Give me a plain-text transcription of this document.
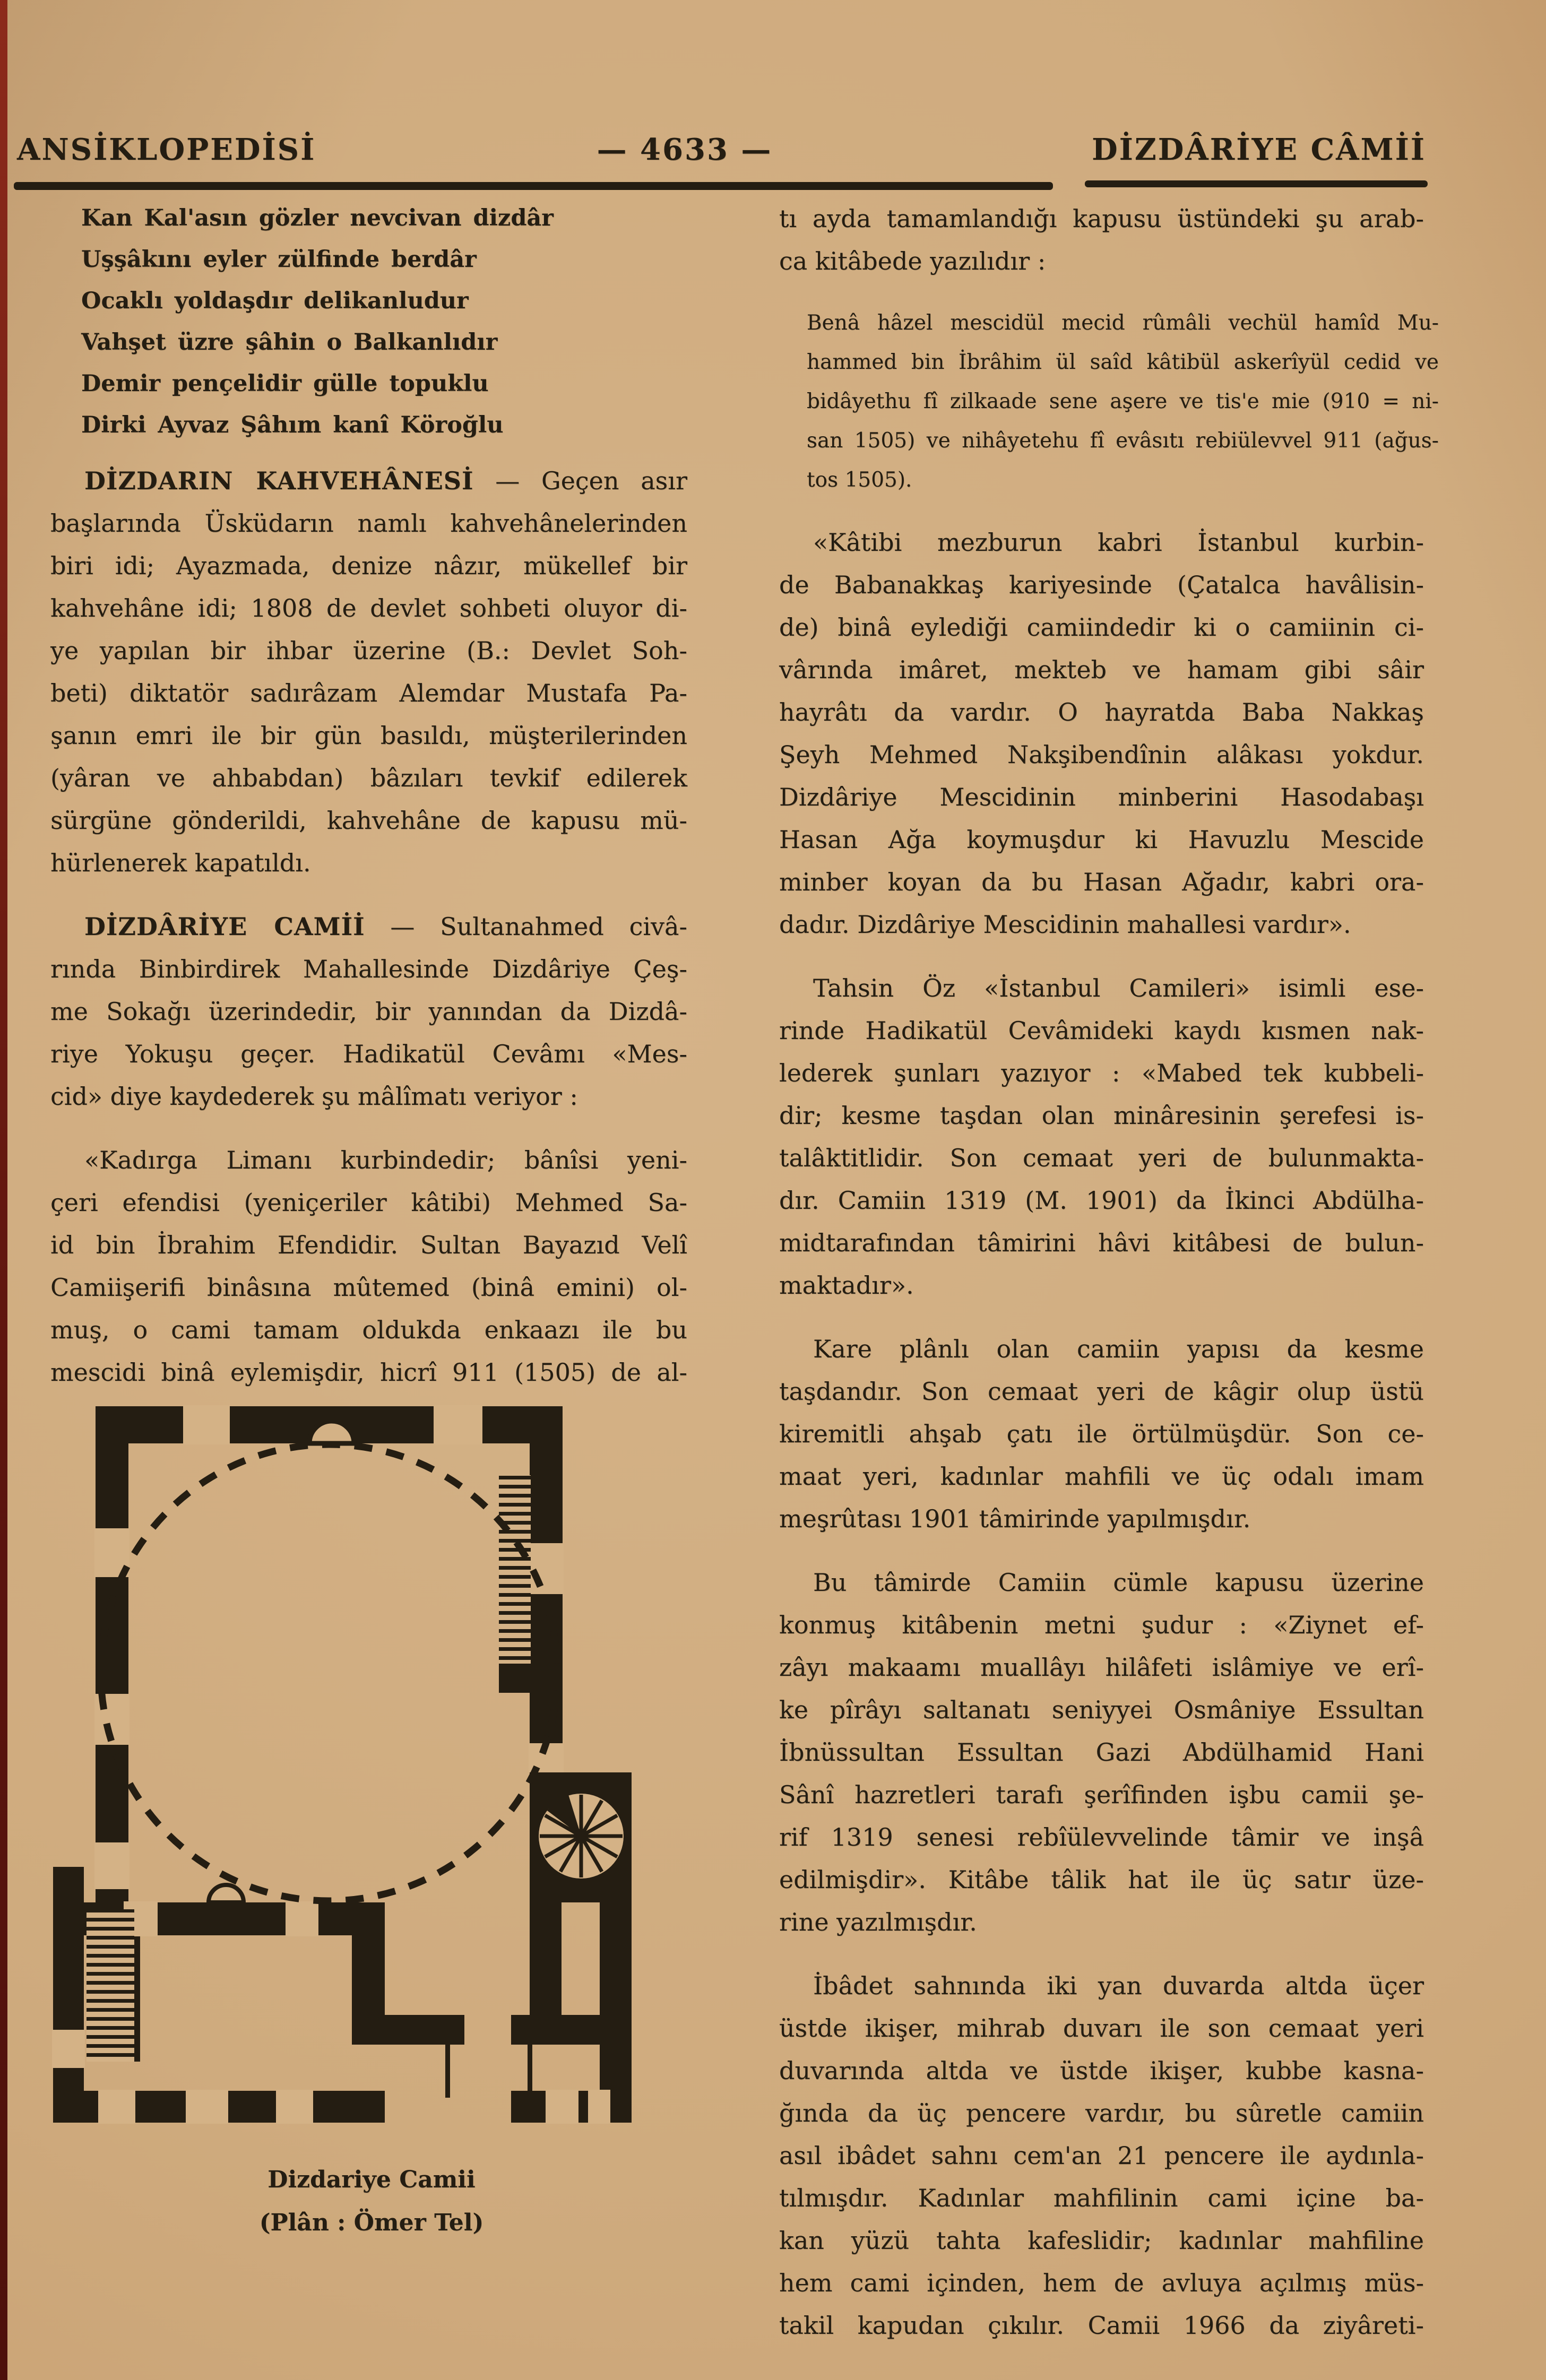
ANSİKLOPEDİSİ	— 4633 —	DİZDÂRİYE CÂMİİ
Kan Kal'asın gözler nevcivan dizdâr
Uşşâkını eyler zülfinde berdâr
Ocaklı yoldaşdır delikanludur
Vahşet üzre şâhin o Balkanlıdır
Demir pençelidir gülle topuklu
Dirki Ayvaz Şâhım kanî Köroğlu
DİZDARIN KAHVEHÂNESİ — Geçen asır
başlarında Üsküdarın namlı kahvehânelerinden
biri idi; Ayazmada, denize nâzır, mükellef bir
kahvehâne idi; 1808 de devlet sohbeti oluyor di-
ye yapılan bir ihbar üzerine (B.: Devlet Soh-
beti) diktatör sadırâzam Alemdar Mustafa Pa-
şanın emri ile bir gün basıldı, müşterilerinden
(yâran ve ahbabdan) bâzıları tevkif edilerek
sürgüne gönderildi, kahvehâne de kapusu mü-
hürlenerek kapatıldı.
DİZDÂRİYE CAMİİ — Sultanahmed civâ-
rında Binbirdirek Mahallesinde Dizdâriye Çeş-
me Sokağı üzerindedir, bir yanından da Dizdâ-
riye Yokuşu geçer. Hadikatül Cevâmı «Mes-
cid» diye kaydederek şu mâlîmatı veriyor :
«Kadırga Limanı kurbindedir; bânîsi yeni-
çeri efendisi (yeniçeriler kâtibi) Mehmed Sa-
id bin İbrahim Efendidir. Sultan Bayazıd Velî
Camiişerifi binâsına mûtemed (binâ emini) ol-
muş, o cami tamam oldukda enkaazı ile bu
mescidi binâ eylemişdir, hicrî 911 (1505) de al-
tı ayda tamamlandığı kapusu üstündeki şu arab-
ca kitâbede yazılıdır :
Benâ hâzel mescidül mecid rûmâli vechül hamîd Mu-
hammed bin İbrâhim ül saîd kâtibül askerîyül cedid ve
bidâyethu fî zilkaade sene aşere ve tis'e mie (910 = ni-
san 1505) ve nihâyetehu fî evâsıtı rebiülevvel 911 (ağus-
tos 1505).
«Kâtibi mezburun kabri İstanbul kurbin-
de Babanakkaş kariyesinde (Çatalca havâlisin-
de) binâ eylediği camiindedir ki o camiinin ci-
vârında imâret, mekteb ve hamam gibi sâir
hayrâtı da vardır. O hayratda Baba Nakkaş
Şeyh Mehmed Nakşibendînin alâkası yokdur.
Dizdâriye Mescidinin minberini Hasodabaşı
Hasan Ağa koymuşdur ki Havuzlu Mescide
minber koyan da bu Hasan Ağadır, kabri ora-
dadır. Dizdâriye Mescidinin mahallesi vardır».
Tahsin Öz «İstanbul Camileri» isimli ese-
rinde Hadikatül Cevâmideki kaydı kısmen nak-
lederek şunları yazıyor : «Mabed tek kubbeli-
dir; kesme taşdan olan minâresinin şerefesi is-
talâktitlidir. Son cemaat yeri de bulunmakta-
dır. Camiin 1319 (M. 1901) da İkinci Abdülha-
midtarafından tâmirini hâvi kitâbesi de bulun-
maktadır».
Kare plânlı olan camiin yapısı da kesme
taşdandır. Son cemaat yeri de kâgir olup üstü
kiremitli ahşab çatı ile örtülmüşdür. Son ce-
maat yeri, kadınlar mahfili ve üç odalı imam
meşrûtası 1901 tâmirinde yapılmışdır.
Bu tâmirde Camiin cümle kapusu üzerine
konmuş kitâbenin metni şudur : «Ziynet ef-
zâyı makaamı muallâyı hilâfeti islâmiye ve erî-
ke pîrâyı saltanatı seniyyei Osmâniye Essultan
İbnüssultan Essultan Gazi Abdülhamid Hani
Sânî hazretleri tarafı şerîfinden işbu camii şe-
rif 1319 senesi rebîülevvelinde tâmir ve inşâ
edilmişdir». Kitâbe tâlik hat ile üç satır üze-
rine yazılmışdır.
İbâdet sahnında iki yan duvarda altda üçer
üstde ikişer, mihrab duvarı ile son cemaat yeri
duvarında altda ve üstde ikişer, kubbe kasna-
ğında da üç pencere vardır, bu sûretle camiin
asıl ibâdet sahnı cem'an 21 pencere ile aydınla-
tılmışdır. Kadınlar mahfilinin cami içine ba-
kan yüzü tahta kafeslidir; kadınlar mahfiline
hem cami içinden, hem de avluya açılmış müs-
takil kapudan çıkılır. Camii 1966 da ziyâreti-
Dizdariye Camii
(Plân : Ömer Tel)
